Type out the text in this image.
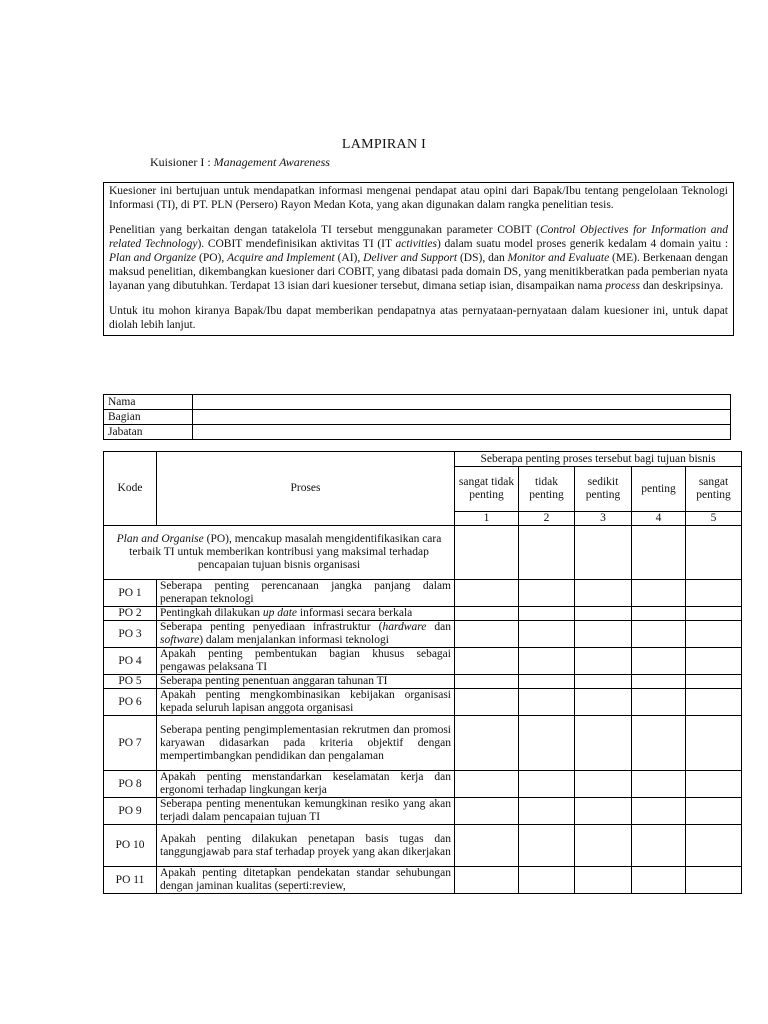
LAMPIRAN I
Kuisioner I : Management Awareness

Kuesioner ini bertujuan untuk mendapatkan informasi mengenai pendapat atau opini dari Bapak/Ibu tentang pengelolaan Teknologi Informasi (TI), di PT. PLN (Persero) Rayon Medan Kota, yang akan digunakan dalam rangka penelitian tesis.

Penelitian yang berkaitan dengan tatakelola TI tersebut menggunakan parameter COBIT (Control Objectives for Information and related Technology). COBIT mendefinisikan aktivitas TI (IT activities) dalam suatu model proses generik kedalam 4 domain yaitu : Plan and Organize (PO), Acquire and Implement (AI), Deliver and Support (DS), dan Monitor and Evaluate (ME). Berkenaan dengan maksud penelitian, dikembangkan kuesioner dari COBIT, yang dibatasi pada domain DS, yang menitikberatkan pada pemberian nyata layanan yang dibutuhkan. Terdapat 13 isian dari kuesioner tersebut, dimana setiap isian, disampaikan nama process dan deskripsinya.

Untuk itu mohon kiranya Bapak/Ibu dapat memberikan pendapatnya atas pernyataan-pernyataan dalam kuesioner ini, untuk dapat diolah lebih lanjut.

Nama	
Bagian	
Jabatan	
Kode	Proses	Seberapa penting proses tersebut bagi tujuan bisnis				
		sangat tidak penting	tidak penting	sedikit penting	penting	sangat penting
		1	2	3	4	5
Plan and Organise (PO), mencakup masalah mengidentifikasikan cara terbaik TI untuk memberikan kontribusi yang maksimal terhadap pencapaian tujuan bisnis organisasi						
PO 1	Seberapa penting perencanaan jangka panjang dalam penerapan teknologi					
PO 2	Pentingkah dilakukan up date informasi secara berkala					
PO 3	Seberapa penting penyediaan infrastruktur (hardware dan software) dalam menjalankan informasi teknologi					
PO 4	Apakah penting pembentukan bagian khusus sebagai pengawas pelaksana TI					
PO 5	Seberapa penting penentuan anggaran tahunan TI					
PO 6	Apakah penting mengkombinasikan kebijakan organisasi kepada seluruh lapisan anggota organisasi					
PO 7	Seberapa penting pengimplementasian rekrutmen dan promosi karyawan didasarkan pada kriteria objektif dengan mempertimbangkan pendidikan dan pengalaman					
PO 8	Apakah penting menstandarkan keselamatan kerja dan ergonomi terhadap lingkungan kerja					
PO 9	Seberapa penting menentukan kemungkinan resiko yang akan terjadi dalam pencapaian tujuan TI					
PO 10	Apakah penting dilakukan penetapan basis tugas dan tanggungjawab para staf terhadap proyek yang akan dikerjakan					
PO 11	Apakah penting ditetapkan pendekatan standar sehubungan dengan jaminan kualitas (seperti:review,					
